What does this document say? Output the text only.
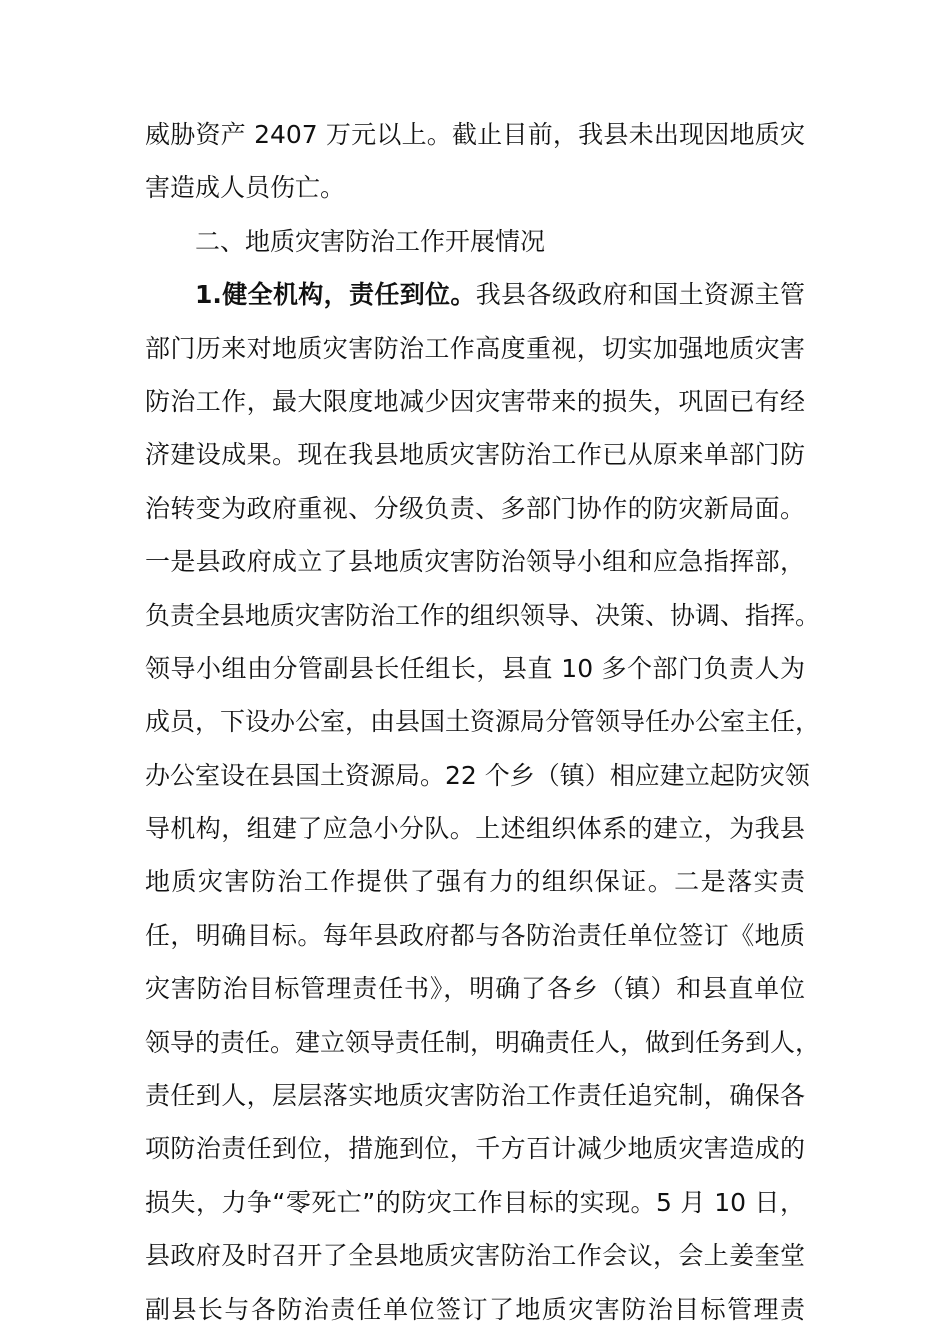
威胁资产 2407 万元以上。截止目前，我县未出现因地质灾
害造成人员伤亡。
二、地质灾害防治工作开展情况
1.健全机构，责任到位。我县各级政府和国土资源主管
部门历来对地质灾害防治工作高度重视，切实加强地质灾害
防治工作，最大限度地减少因灾害带来的损失，巩固已有经
济建设成果。现在我县地质灾害防治工作已从原来单部门防
治转变为政府重视、分级负责、多部门协作的防灾新局面。
一是县政府成立了县地质灾害防治领导小组和应急指挥部，
负责全县地质灾害防治工作的组织领导、决策、协调、指挥。
领导小组由分管副县长任组长，县直 10 多个部门负责人为
成员，下设办公室，由县国土资源局分管领导任办公室主任，
办公室设在县国土资源局。22 个乡（镇）相应建立起防灾领
导机构，组建了应急小分队。上述组织体系的建立，为我县
地质灾害防治工作提供了强有力的组织保证。二是落实责
任，明确目标。每年县政府都与各防治责任单位签订《地质
灾害防治目标管理责任书》，明确了各乡（镇）和县直单位
领导的责任。建立领导责任制，明确责任人，做到任务到人，
责任到人，层层落实地质灾害防治工作责任追究制，确保各
项防治责任到位，措施到位，千方百计减少地质灾害造成的
损失，力争“零死亡”的防灾工作目标的实现。5 月 10 日，
县政府及时召开了全县地质灾害防治工作会议，会上姜奎堂
副县长与各防治责任单位签订了地质灾害防治目标管理责
